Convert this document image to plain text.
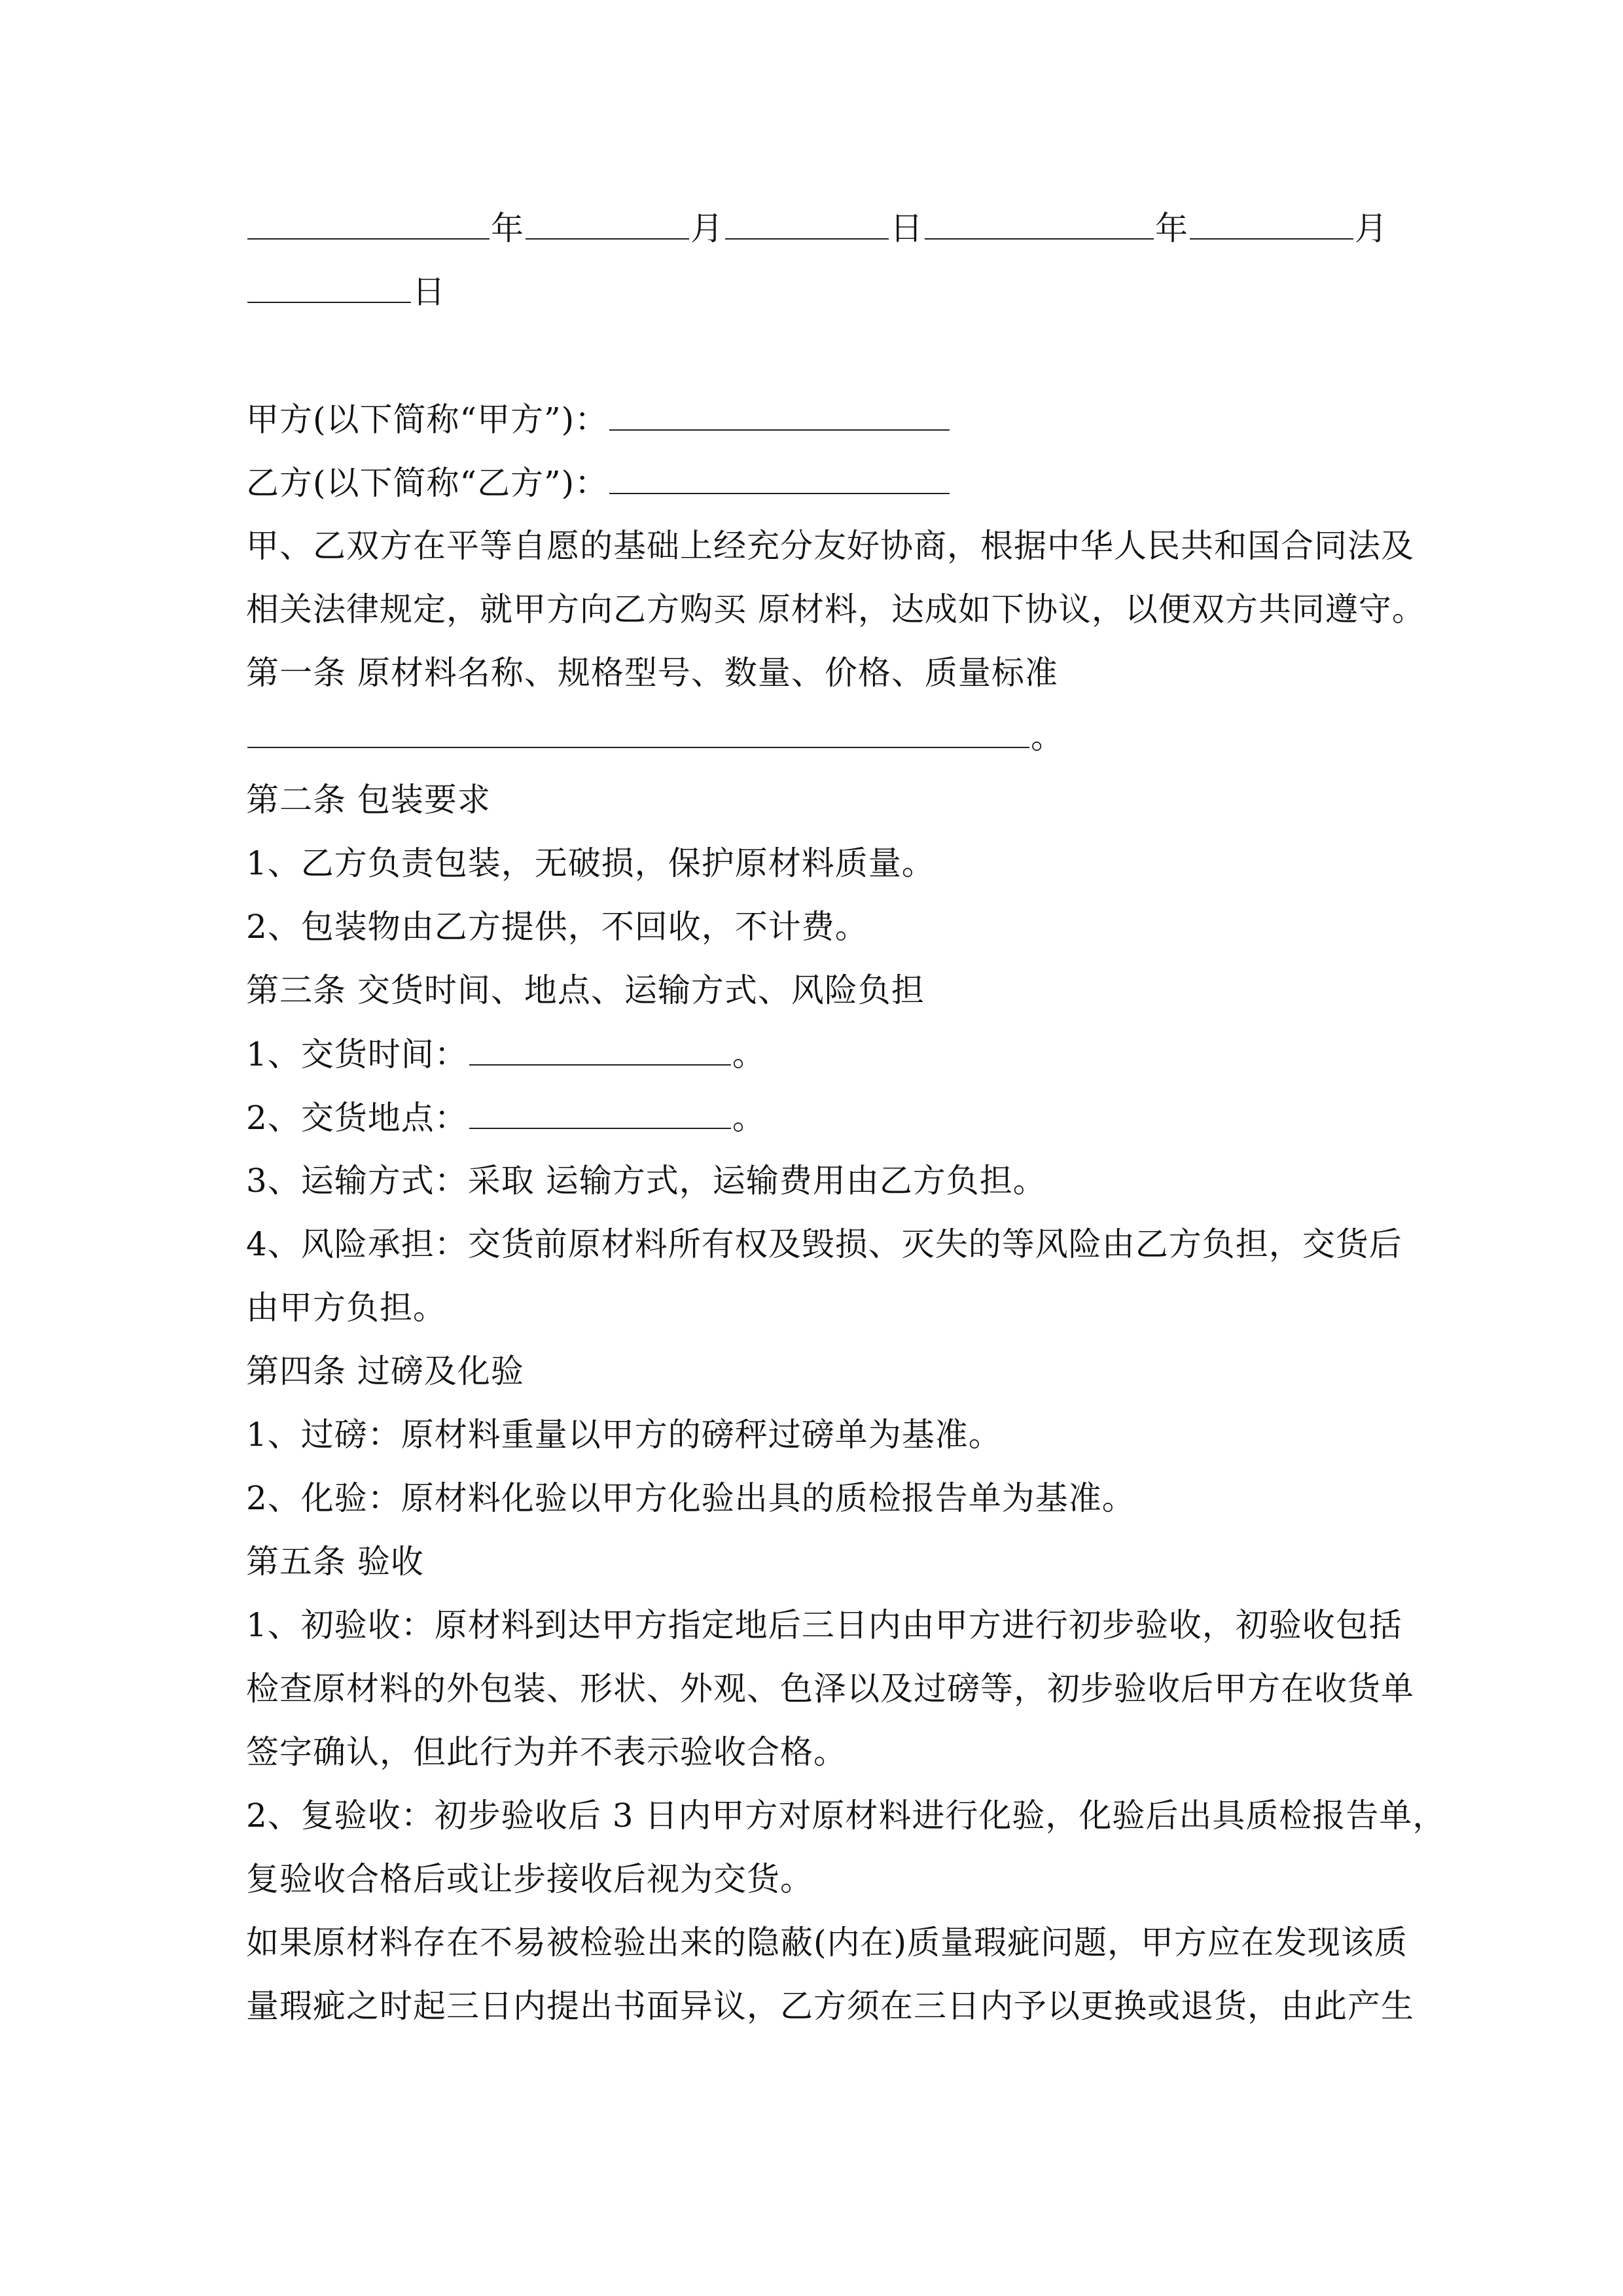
年	月	日	年	月
日
甲方(以下简称“甲方”)：
乙方(以下简称“乙方”)：
甲、乙双方在平等自愿的基础上经充分友好协商，根据中华人民共和国合同法及
相关法律规定，就甲方向乙方购买 原材料，达成如下协议，以便双方共同遵守。
第一条 原材料名称、规格型号、数量、价格、质量标准
。
第二条 包装要求
1、乙方负责包装，无破损，保护原材料质量。
2、包装物由乙方提供，不回收，不计费。
第三条 交货时间、地点、运输方式、风险负担
1、交货时间：	。
2、交货地点：	。
3、运输方式：采取 运输方式，运输费用由乙方负担。
4、风险承担：交货前原材料所有权及毁损、灭失的等风险由乙方负担，交货后
由甲方负担。
第四条 过磅及化验
1、过磅：原材料重量以甲方的磅秤过磅单为基准。
2、化验：原材料化验以甲方化验出具的质检报告单为基准。
第五条 验收
1、初验收：原材料到达甲方指定地后三日内由甲方进行初步验收，初验收包括
检查原材料的外包装、形状、外观、色泽以及过磅等，初步验收后甲方在收货单
签字确认，但此行为并不表示验收合格。
2、复验收：初步验收后 3 日内甲方对原材料进行化验，化验后出具质检报告单，
复验收合格后或让步接收后视为交货。
如果原材料存在不易被检验出来的隐蔽(内在)质量瑕疵问题，甲方应在发现该质
量瑕疵之时起三日内提出书面异议，乙方须在三日内予以更换或退货，由此产生
